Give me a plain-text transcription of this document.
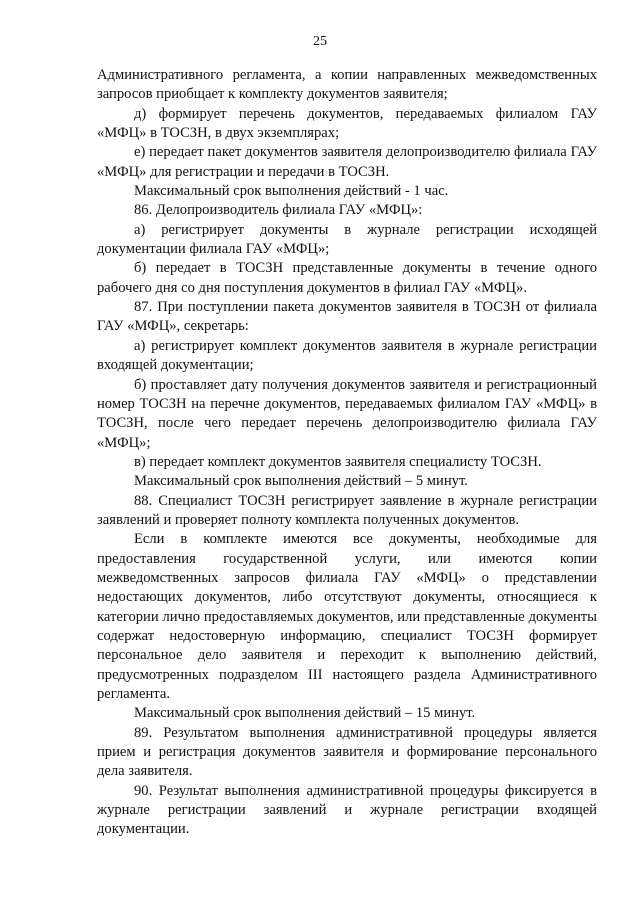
25

Административного регламента, а копии направленных межведомственных запросов приобщает к комплекту документов заявителя;

д) формирует перечень документов, передаваемых филиалом ГАУ «МФЦ» в ТОСЗН, в двух экземплярах;

е) передает пакет документов заявителя делопроизводителю филиала ГАУ «МФЦ» для регистрации и передачи в ТОСЗН.

Максимальный срок выполнения действий - 1 час.

86. Делопроизводитель филиала ГАУ «МФЦ»:

а) регистрирует документы в журнале регистрации исходящей документации филиала ГАУ «МФЦ»;

б) передает в ТОСЗН представленные документы в течение одного рабочего дня со дня поступления документов в филиал ГАУ «МФЦ».

87. При поступлении пакета документов заявителя в ТОСЗН от филиала ГАУ «МФЦ», секретарь:

а) регистрирует комплект документов заявителя в журнале регистрации входящей документации;

б) проставляет дату получения документов заявителя и регистрационный номер ТОСЗН на перечне документов, передаваемых филиалом ГАУ «МФЦ» в ТОСЗН, после чего передает перечень делопроизводителю филиала ГАУ «МФЦ»;

в) передает комплект документов заявителя специалисту ТОСЗН.

Максимальный срок выполнения действий – 5 минут.

88. Специалист ТОСЗН регистрирует заявление в журнале регистрации заявлений и проверяет полноту комплекта полученных документов.

Если в комплекте имеются все документы, необходимые для предоставления государственной услуги, или имеются копии межведомственных запросов филиала ГАУ «МФЦ» о представлении недостающих документов, либо отсутствуют документы, относящиеся к категории лично предоставляемых документов, или представленные документы содержат недостоверную информацию, специалист ТОСЗН формирует персональное дело заявителя и переходит к выполнению действий, предусмотренных подразделом III настоящего раздела Административного регламента.

Максимальный срок выполнения действий – 15 минут.

89. Результатом выполнения административной процедуры является прием и регистрация документов заявителя и формирование персонального дела заявителя.

90. Результат выполнения административной процедуры фиксируется в журнале регистрации заявлений и журнале регистрации входящей документации.
